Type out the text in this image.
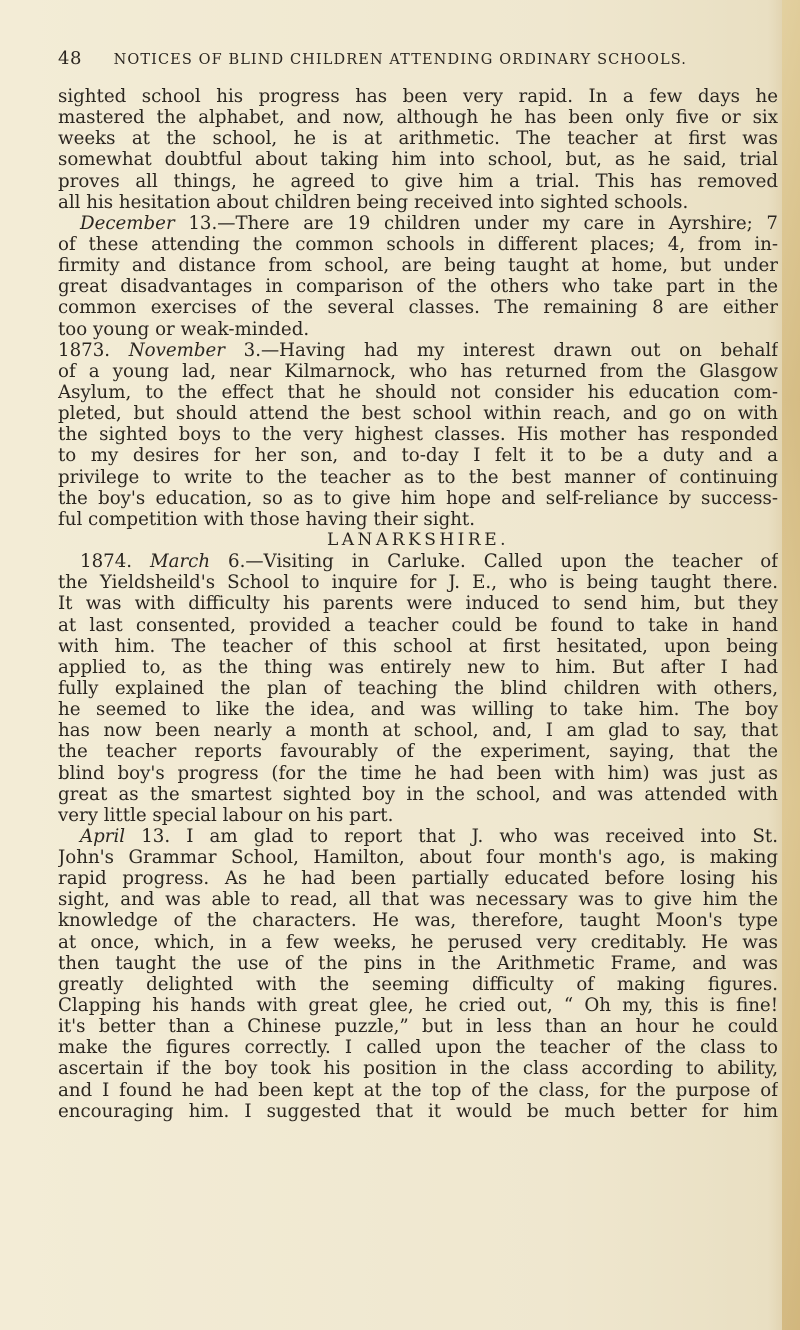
48 NOTICES OF BLIND CHILDREN ATTENDING ORDINARY SCHOOLS.
sighted school his progress has been very rapid. In a few days he
mastered the alphabet, and now, although he has been only five or six
weeks at the school, he is at arithmetic. The teacher at first was
somewhat doubtful about taking him into school, but, as he said, trial
proves all things, he agreed to give him a trial. This has removed
all his hesitation about children being received into sighted schools.
December 13.—There are 19 children under my care in Ayrshire; 7
of these attending the common schools in different places; 4, from in-
firmity and distance from school, are being taught at home, but under
great disadvantages in comparison of the others who take part in the
common exercises of the several classes. The remaining 8 are either
too young or weak-minded.
1873. November 3.—Having had my interest drawn out on behalf
of a young lad, near Kilmarnock, who has returned from the Glasgow
Asylum, to the effect that he should not consider his education com-
pleted, but should attend the best school within reach, and go on with
the sighted boys to the very highest classes. His mother has responded
to my desires for her son, and to-day I felt it to be a duty and a
privilege to write to the teacher as to the best manner of continuing
the boy's education, so as to give him hope and self-reliance by success-
ful competition with those having their sight.
LANARKSHIRE.
1874. March 6.—Visiting in Carluke. Called upon the teacher of
the Yieldsheild's School to inquire for J. E., who is being taught there.
It was with difficulty his parents were induced to send him, but they
at last consented, provided a teacher could be found to take in hand
with him. The teacher of this school at first hesitated, upon being
applied to, as the thing was entirely new to him. But after I had
fully explained the plan of teaching the blind children with others,
he seemed to like the idea, and was willing to take him. The boy
has now been nearly a month at school, and, I am glad to say, that
the teacher reports favourably of the experiment, saying, that the
blind boy's progress (for the time he had been with him) was just as
great as the smartest sighted boy in the school, and was attended with
very little special labour on his part.
April 13. I am glad to report that J. who was received into St.
John's Grammar School, Hamilton, about four month's ago, is making
rapid progress. As he had been partially educated before losing his
sight, and was able to read, all that was necessary was to give him the
knowledge of the characters. He was, therefore, taught Moon's type
at once, which, in a few weeks, he perused very creditably. He was
then taught the use of the pins in the Arithmetic Frame, and was
greatly delighted with the seeming difficulty of making figures.
Clapping his hands with great glee, he cried out, “ Oh my, this is fine!
it's better than a Chinese puzzle,” but in less than an hour he could
make the figures correctly. I called upon the teacher of the class to
ascertain if the boy took his position in the class according to ability,
and I found he had been kept at the top of the class, for the purpose of
encouraging him. I suggested that it would be much better for him
